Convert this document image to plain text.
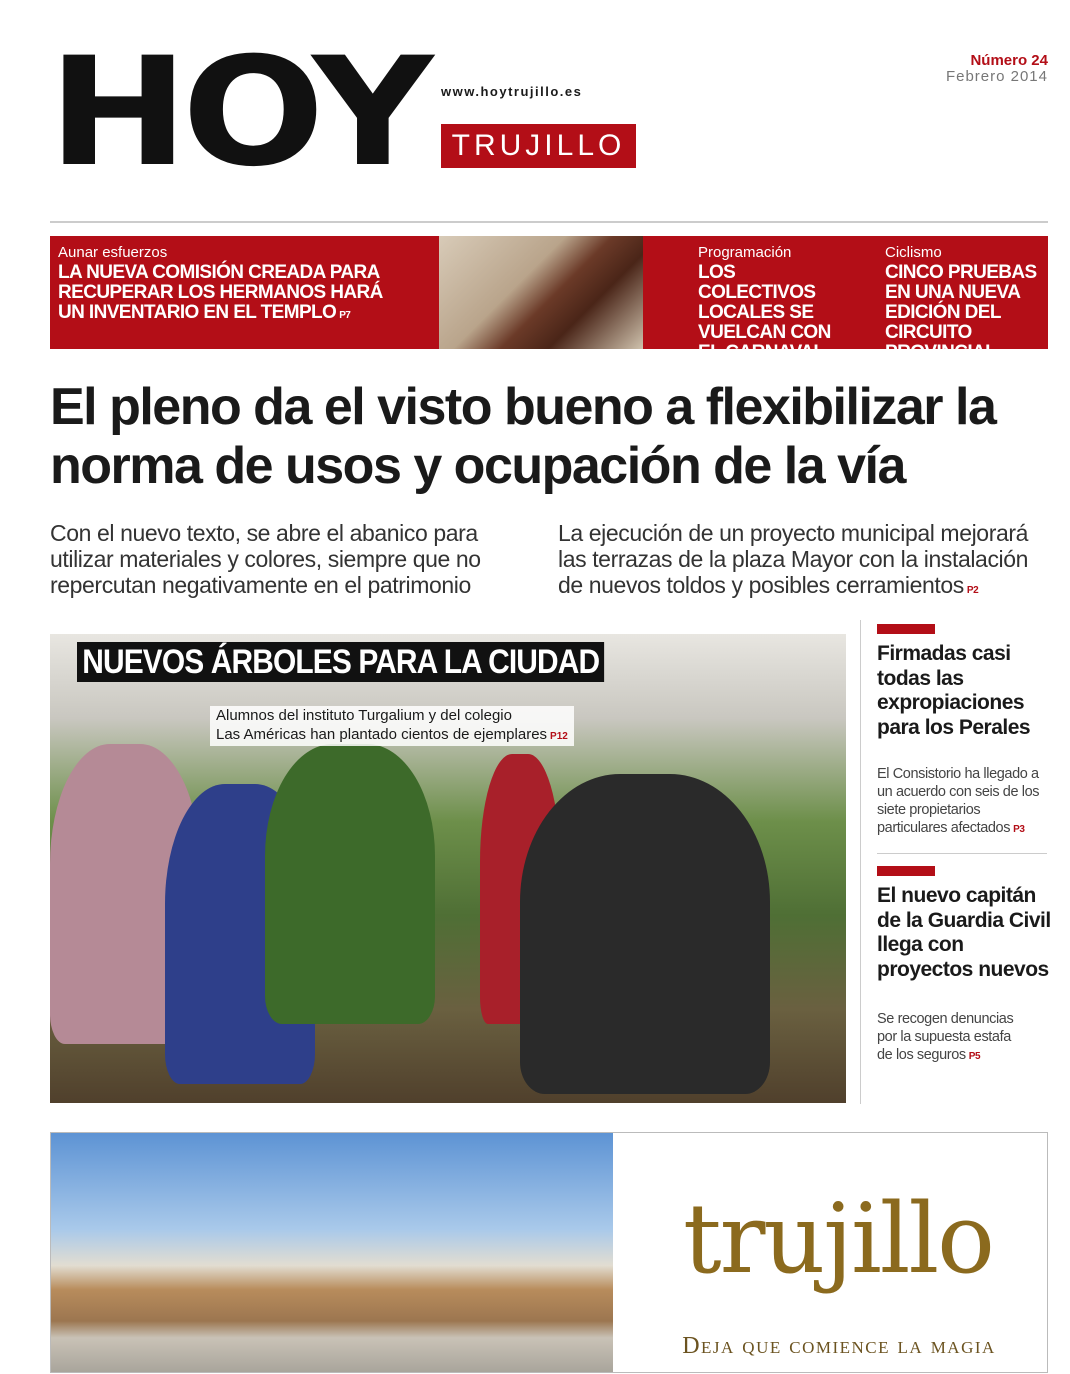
HOY www.hoytrujillo.es
TRUJILLO
Número 24
Febrero 2014
Aunar esfuerzos
LA NUEVA COMISIÓN CREADA PARA RECUPERAR LOS HERMANOS HARÁ UN INVENTARIO EN EL TEMPLO P7
Programación
LOS COLECTIVOS LOCALES SE VUELCAN CON EL CARNAVAL P13
Ciclismo
CINCO PRUEBAS EN UNA NUEVA EDICIÓN DEL CIRCUITO PROVINCIAL P15
El pleno da el visto bueno a flexibilizar la norma de usos y ocupación de la vía
Con el nuevo texto, se abre el abanico para utilizar materiales y colores, siempre que no repercutan negativamente en el patrimonio
La ejecución de un proyecto municipal mejorará las terrazas de la plaza Mayor con la instalación de nuevos toldos y posibles cerramientos P2
NUEVOS ÁRBOLES PARA LA CIUDAD
Alumnos del instituto Turgalium y del colegio
Las Américas han plantado cientos de ejemplares P12
Firmadas casi todas las expropiaciones para los Perales
El Consistorio ha llegado a un acuerdo con seis de los siete propietarios particulares afectados P3
El nuevo capitán de la Guardia Civil llega con proyectos nuevos
Se recogen denuncias por la supuesta estafa de los seguros P5
trujillo
Deja que comience la magia
